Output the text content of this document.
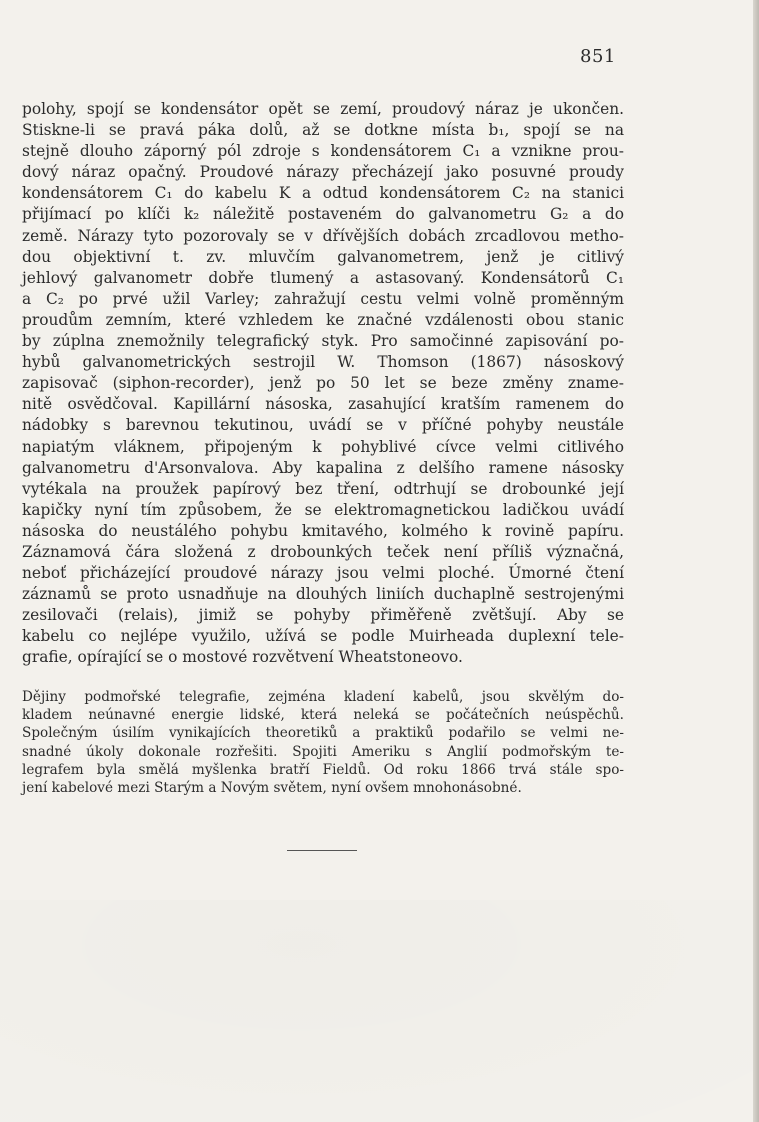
851
polohy, spojí se kondensátor opět se zemí, proudový náraz je ukončen.
Stiskne-li se pravá páka dolů, až se dotkne místa b₁, spojí se na
stejně dlouho záporný pól zdroje s kondensátorem C₁ a vznikne prou-
dový náraz opačný. Proudové nárazy přecházejí jako posuvné proudy
kondensátorem C₁ do kabelu K a odtud kondensátorem C₂ na stanici
přijímací po klíči k₂ náležitě postaveném do galvanometru G₂ a do
země. Nárazy tyto pozorovaly se v dřívějších dobách zrcadlovou metho-
dou objektivní t. zv. mluvčím galvanometrem, jenž je citlivý
jehlový galvanometr dobře tlumený a astasovaný. Kondensátorů C₁
a C₂ po prvé užil Varley; zahražují cestu velmi volně proměnným
proudům zemním, které vzhledem ke značné vzdálenosti obou stanic
by zúplna znemožnily telegrafický styk. Pro samočinné zapisování po-
hybů galvanometrických sestrojil W. Thomson (1867) násoskový
zapisovač (siphon-recorder), jenž po 50 let se beze změny znamе-
nitě osvědčoval. Kapillární násoska, zasahující kratším ramenem do
nádobky s barevnou tekutinou, uvádí se v příčné pohyby neustále
napiatým vláknem, připojeným k pohyblivé cívce velmi citlivého
galvanometru d'Arsonvalova. Aby kapalina z delšího ramene násosky
vytékala na proužek papírový bez tření, odtrhují se drobounké její
kapičky nyní tím způsobem, že se elektromagnetickou ladičkou uvádí
násoska do neustálého pohybu kmitavého, kolmého k rovině papíru.
Záznamová čára složená z drobounkých teček není příliš význačná,
neboť přicházející proudové nárazy jsou velmi ploché. Úmorné čtení
záznamů se proto usnadňuje na dlouhých liniích duchaplně sestrojenými
zesilovači (relais), jimiž se pohyby přiměřeně zvětšují. Aby se
kabelu co nejlépe využilo, užívá se podle Muirheada duplexní tele-
grafie, opírající se o mostové rozvětvení Wheatstoneovo.
Dějiny podmořské telegrafie, zejména kladení kabelů, jsou skvělým do-
kladem neúnavné energie lidské, která neleká se počátečních neúspěchů.
Společným úsilím vynikajících theoretiků a praktiků podařilo se velmi ne-
snadné úkoly dokonale rozřešiti. Spojiti Ameriku s Anglií podmořským te-
legrafem byla smělá myšlenka bratří Fieldů. Od roku 1866 trvá stále spo-
jení kabelové mezi Starým a Novým světem, nyní ovšem mnohonásobné.
